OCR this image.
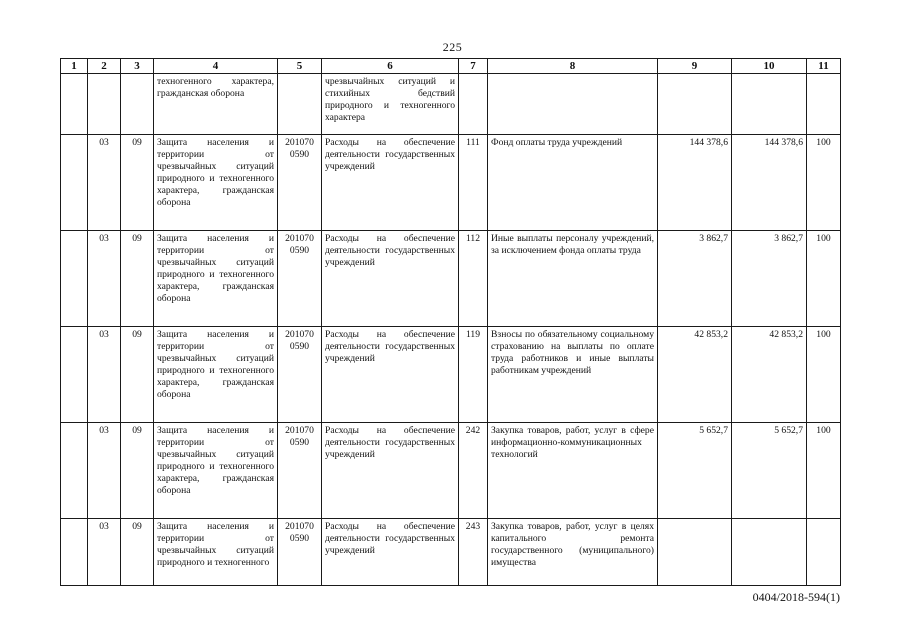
225
1	2	3	4	5	6	7	8	9	10	11
			техногенного характера, гражданская оборона		чрезвычайных ситуаций и стихийных бедствий природного и техногенного характера					
	03	09	Защита населения и территории от чрезвычайных ситуаций природного и техногенного характера, гражданская оборона	201070 0590	Расходы на обеспечение деятельности государственных учреждений	111	Фонд оплаты труда учреждений	144 378,6	144 378,6	100
	03	09	Защита населения и территории от чрезвычайных ситуаций природного и техногенного характера, гражданская оборона	201070 0590	Расходы на обеспечение деятельности государственных учреждений	112	Иные выплаты персоналу учреждений, за исключением фонда оплаты труда	3 862,7	3 862,7	100
	03	09	Защита населения и территории от чрезвычайных ситуаций природного и техногенного характера, гражданская оборона	201070 0590	Расходы на обеспечение деятельности государственных учреждений	119	Взносы по обязательному социальному страхованию на выплаты по оплате труда работников и иные выплаты работникам учреждений	42 853,2	42 853,2	100
	03	09	Защита населения и территории от чрезвычайных ситуаций природного и техногенного характера, гражданская оборона	201070 0590	Расходы на обеспечение деятельности государственных учреждений	242	Закупка товаров, работ, услуг в сфере информационно-коммуникационных технологий	5 652,7	5 652,7	100
	03	09	Защита населения и территории от чрезвычайных ситуаций природного и техногенного	201070 0590	Расходы на обеспечение деятельности государственных учреждений	243	Закупка товаров, работ, услуг в целях капитального ремонта государственного (муниципального) имущества			
0404/2018-594(1)
